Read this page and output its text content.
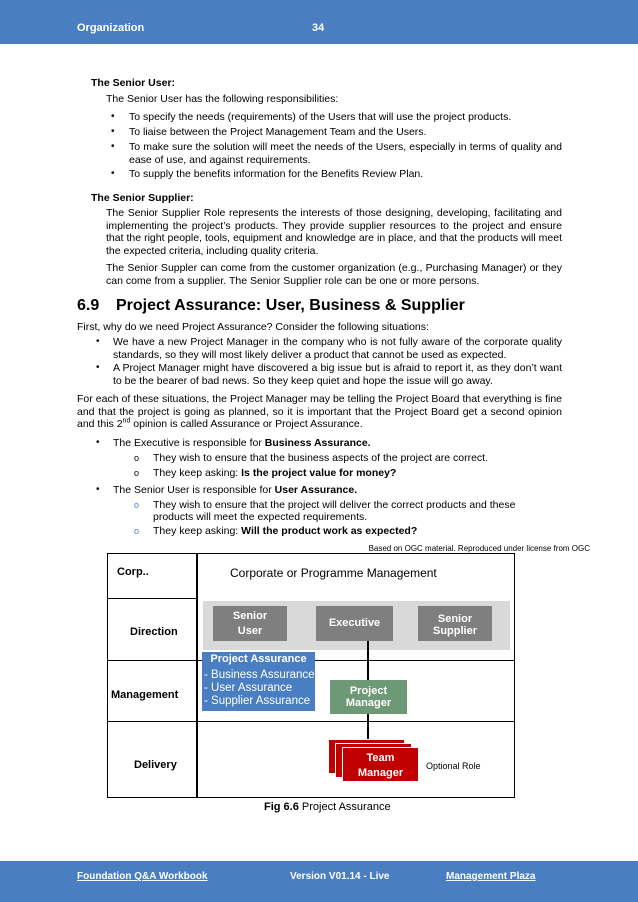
Organization	34
The Senior User:
The Senior User has the following responsibilities:
• To specify the needs (requirements) of the Users that will use the project products.
• To liaise between the Project Management Team and the Users.
• To make sure the solution will meet the needs of the Users, especially in terms of quality and ease of use, and against requirements.
• To supply the benefits information for the Benefits Review Plan.
The Senior Supplier:
The Senior Supplier Role represents the interests of those designing, developing, facilitating and implementing the project’s products. They provide supplier resources to the project and ensure that the right people, tools, equipment and knowledge are in place, and that the products will meet the expected criteria, including quality criteria.
The Senior Suppler can come from the customer organization (e.g., Purchasing Manager) or they can come from a supplier. The Senior Supplier role can be one or more persons.
6.9 Project Assurance: User, Business & Supplier
First, why do we need Project Assurance? Consider the following situations:
• We have a new Project Manager in the company who is not fully aware of the corporate quality standards, so they will most likely deliver a product that cannot be used as expected.
• A Project Manager might have discovered a big issue but is afraid to report it, as they don’t want to be the bearer of bad news. So they keep quiet and hope the issue will go away.
For each of these situations, the Project Manager may be telling the Project Board that everything is fine and that the project is going as planned, so it is important that the Project Board get a second opinion and this 2nd opinion is called Assurance or Project Assurance.
• The Executive is responsible for Business Assurance.
o They wish to ensure that the business aspects of the project are correct.
o They keep asking: Is the project value for money?
• The Senior User is responsible for User Assurance.
o They wish to ensure that the project will deliver the correct products and these
products will meet the expected requirements.
o They keep asking: Will the product work as expected?
Based on OGC material. Reproduced under license from OGC
Corp..
Direction
Management
Delivery
Corporate or Programme Management
Senior
User
Executive	Senior
Supplier
Project Assurance
- Business Assurance
- User Assurance
- Supplier Assurance
Project
Manager
Team
Manager
Optional Role
Fig 6.6 Project Assurance
Foundation Q&A Workbook	Version V01.14 - Live	Management Plaza
